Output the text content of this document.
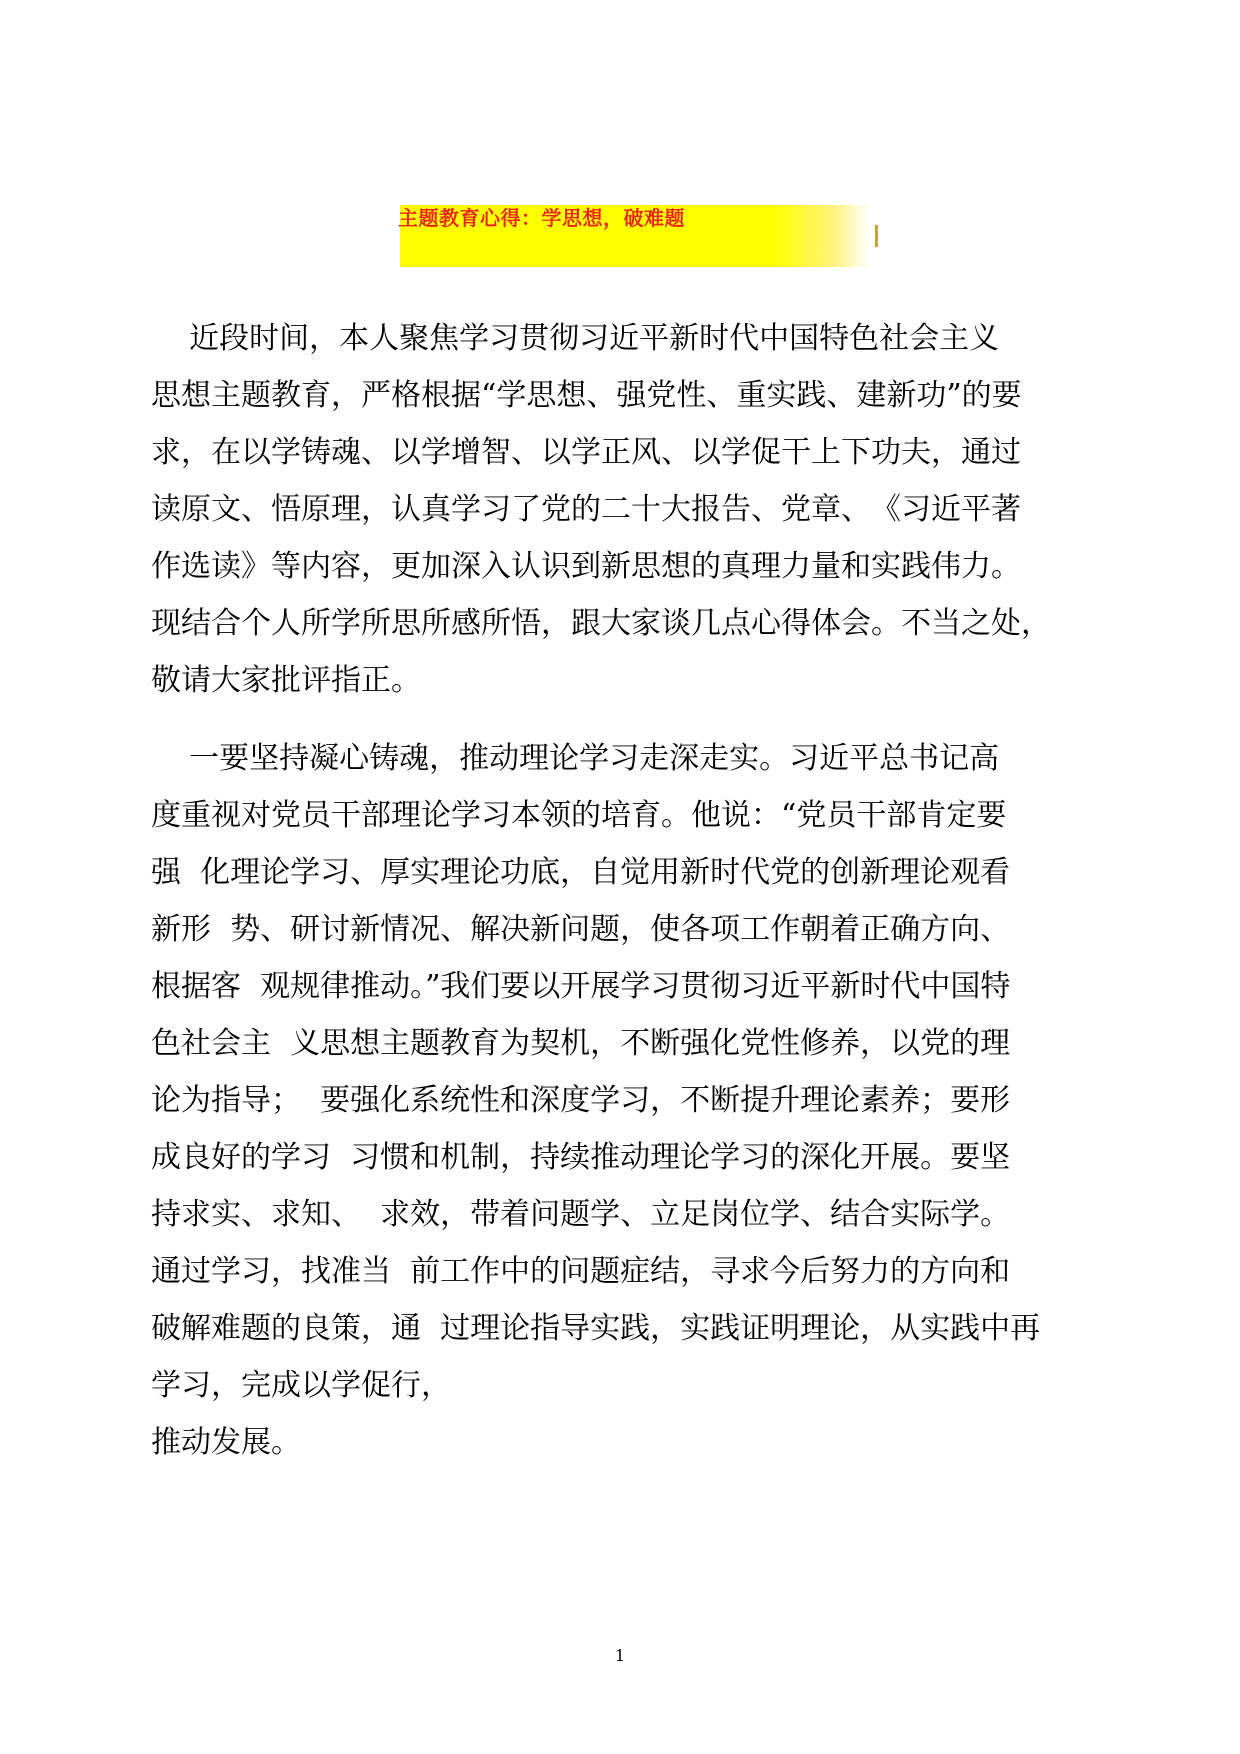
主题教育心得：学思想，破难题
近段时间，本人聚焦学习贯彻习近平新时代中国特色社会主义
思想主题教育，严格根据“学思想、强党性、重实践、建新功”的要
求，在以学铸魂、以学增智、以学正风、以学促干上下功夫，通过
读原文、悟原理，认真学习了党的二十大报告、党章、　《习近平著
作选读》等内容，更加深入认识到新思想的真理力量和实践伟力。
现结合个人所学所思所感所悟，跟大家谈几点心得体会。不当之处，
敬请大家批评指正。
一要坚持凝心铸魂，推动理论学习走深走实。习近平总书记高
度重视对党员干部理论学习本领的培育。他说：“党员干部肯定要
强  化理论学习、厚实理论功底，自觉用新时代党的创新理论观看
新形  势、研讨新情况、解决新问题，使各项工作朝着正确方向、
根据客  观规律推动。”我们要以开展学习贯彻习近平新时代中国特
色社会主  义思想主题教育为契机，不断强化党性修养，以党的理
论为指导；  要强化系统性和深度学习，不断提升理论素养；要形
成良好的学习  习惯和机制，持续推动理论学习的深化开展。要坚
持求实、求知、  求效，带着问题学、立足岗位学、结合实际学。
通过学习，找准当  前工作中的问题症结，寻求今后努力的方向和
破解难题的良策，通  过理论指导实践，实践证明理论，从实践中再
学习，完成以学促行，
推动发展。
1
